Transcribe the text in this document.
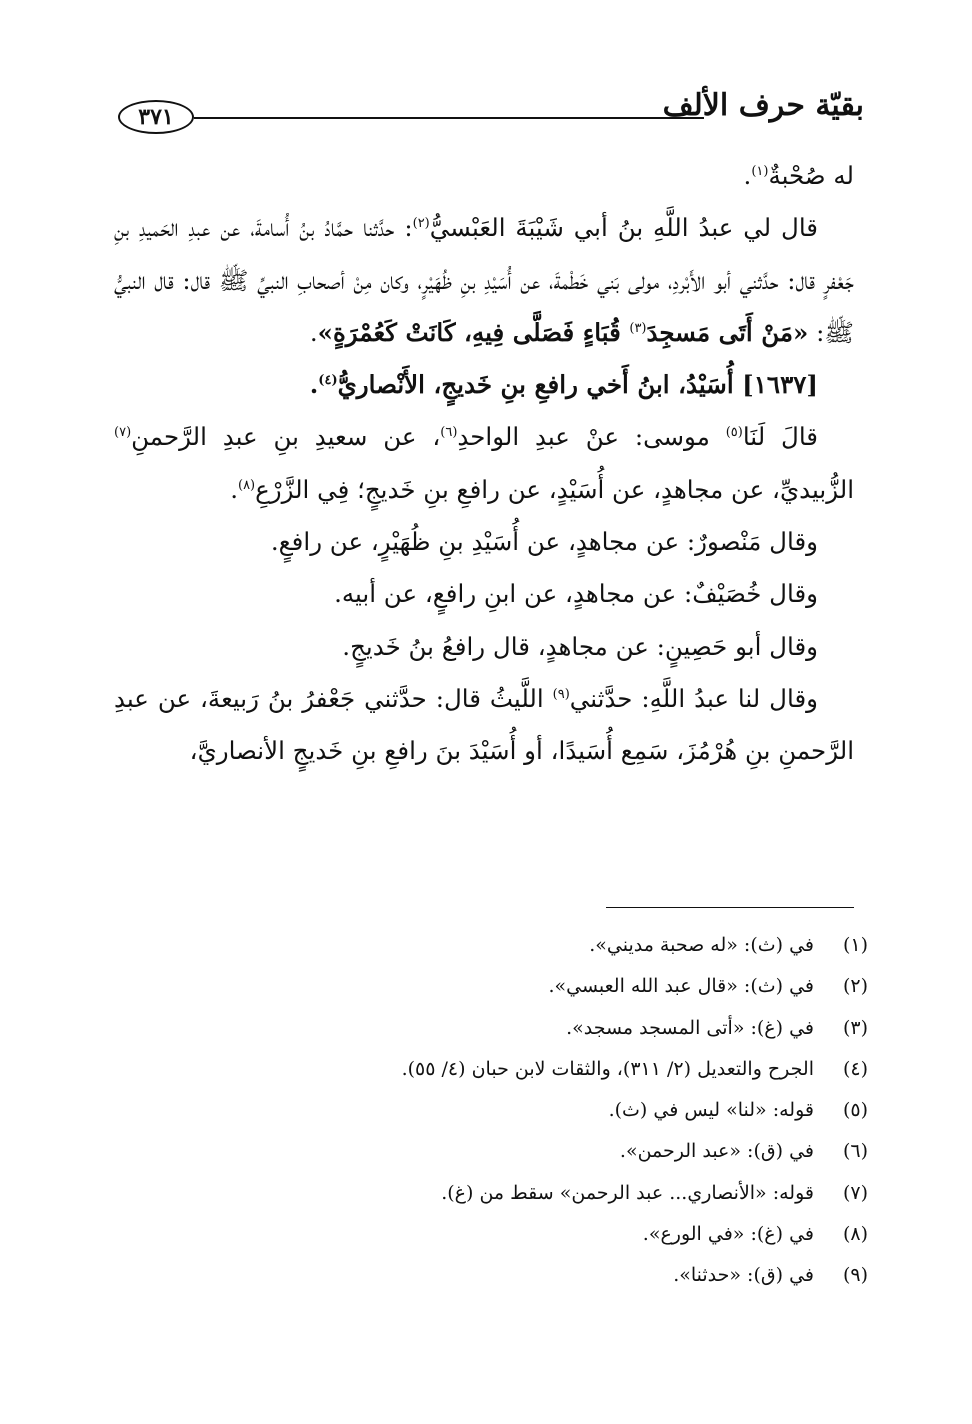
بقيّة حرف الألف
٣٧١

له صُحْبةٌ$^{(١)}$.

قال لي عبدُ اللَّهِ بنُ أبي شَيْبَةَ العَبْسيُّ$^{(٢)}$: حدَّثنا حمَّادُ بنُ أُسامةَ، عن عبدِ الحَميدِ بنِ جَعْفرٍ قال: حدَّثني أبو الأَبْردِ، مولى بَني خَطْمةَ، عن أُسَيْدِ بنِ ظُهَيْرٍ، وكان مِنْ أصحابِ النبيِّ ﷺ قال: قال النبيُّ ﷺ: «مَنْ أَتَى مَسجِدَ$^{(٣)}$ قُبَاءٍ فَصَلَّى فِيهِ، كَانَتْ كَعُمْرَةٍ».

[١٦٣٧] أُسَيْدُ، ابنُ أَخي رافعِ بنِ خَديجٍ، الأَنْصاريُّ$^{(٤)}$.

قالَ لَنَا$^{(٥)}$ موسى: عنْ عبدِ الواحدِ$^{(٦)}$، عن سعيدِ بنِ عبدِ الرَّحمنِ$^{(٧)}$ الزُّبيديِّ، عن مجاهدٍ، عن أُسَيْدٍ، عن رافعِ بنِ خَديجٍ؛ فِي الزَّرْعِ$^{(٨)}$.

وقال مَنْصورٌ: عن مجاهدٍ، عن أُسَيْدِ بنِ ظُهَيْرٍ، عن رافعٍ.

وقال خُصَيْفٌ: عن مجاهدٍ، عن ابنِ رافعٍ، عن أبيه.

وقال أبو حَصِينٍ: عن مجاهدٍ، قال رافعُ بنُ خَديجٍ.

وقال لنا عبدُ اللَّهِ: حدَّثني$^{(٩)}$ اللَّيثُ قال: حدَّثني جَعْفرُ بنُ رَبيعةَ، عن عبدِ الرَّحمنِ بنِ هُرْمُزَ، سَمِع أُسَيدًا، أو أُسَيْدَ بنَ رافعِ بنِ خَديجٍ الأنصاريَّ،

(١)
في (ث): «له صحبة مديني».
(٢)
في (ث): «قال عبد الله العبسي».
(٣)
في (غ): «أتى المسجد مسجد».
(٤)
الجرح والتعديل (٢/ ٣١١)، والثقات لابن حبان (٤/ ٥٥).
(٥)
قوله: «لنا» ليس في (ث).
(٦)
في (ق): «عبد الرحمن».
(٧)
قوله: «الأنصاري... عبد الرحمن» سقط من (غ).
(٨)
في (غ): «في الورع».
(٩)
في (ق): «حدثنا».
